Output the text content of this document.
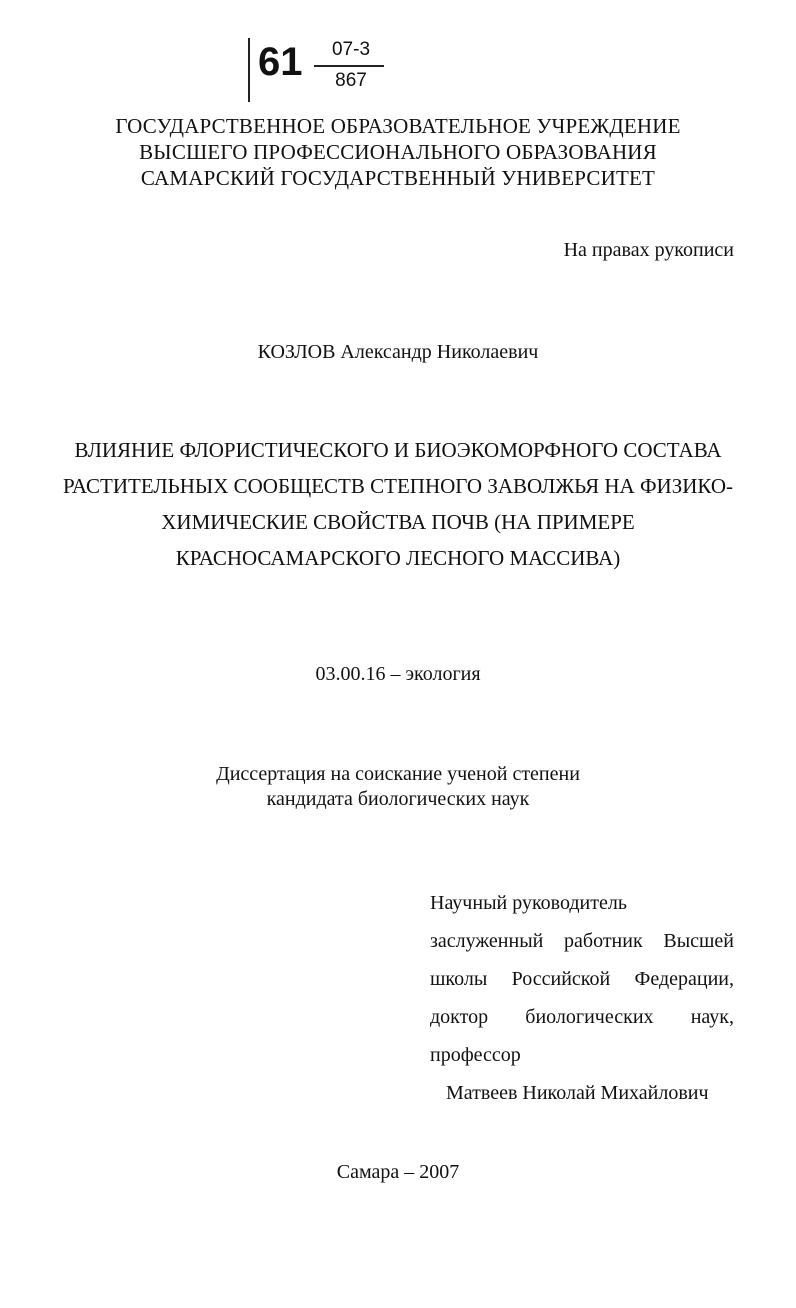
61	07-3
867
ГОСУДАРСТВЕННОЕ ОБРАЗОВАТЕЛЬНОЕ УЧРЕЖДЕНИЕ
ВЫСШЕГО ПРОФЕССИОНАЛЬНОГО ОБРАЗОВАНИЯ
САМАРСКИЙ ГОСУДАРСТВЕННЫЙ УНИВЕРСИТЕТ
На правах рукописи
КОЗЛОВ Александр Николаевич
ВЛИЯНИЕ ФЛОРИСТИЧЕСКОГО И БИОЭКОМОРФНОГО СОСТАВА
РАСТИТЕЛЬНЫХ СООБЩЕСТВ СТЕПНОГО ЗАВОЛЖЬЯ НА ФИЗИКО-
ХИМИЧЕСКИЕ СВОЙСТВА ПОЧВ (НА ПРИМЕРЕ
КРАСНОСАМАРСКОГО ЛЕСНОГО МАССИВА)
03.00.16 – экология
Диссертация на соискание ученой степени
кандидата биологических наук
Научный руководитель
заслуженный работник Высшей
школы Российской Федерации,
доктор биологических наук,
профессор
Матвеев Николай Михайлович
Самара – 2007
